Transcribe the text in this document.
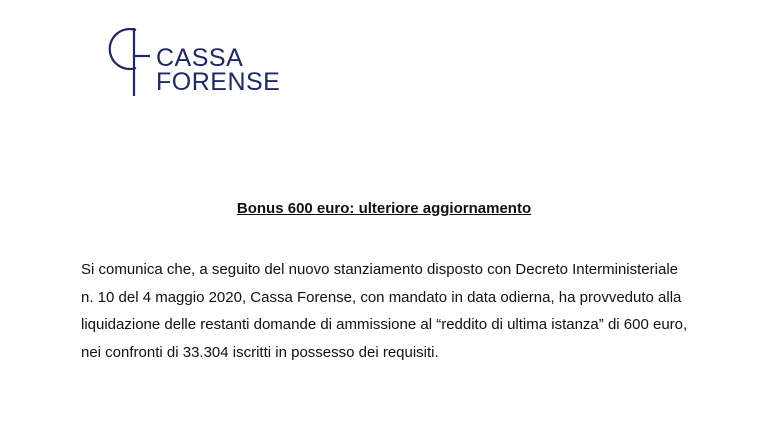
CASSA
FORENSE
Bonus 600 euro: ulteriore aggiornamento
Si comunica che, a seguito del nuovo stanziamento disposto con Decreto Interministeriale
n. 10 del 4 maggio 2020, Cassa Forense, con mandato in data odierna, ha provveduto alla
liquidazione delle restanti domande di ammissione al “reddito di ultima istanza” di 600 euro,
nei confronti di 33.304 iscritti in possesso dei requisiti.
